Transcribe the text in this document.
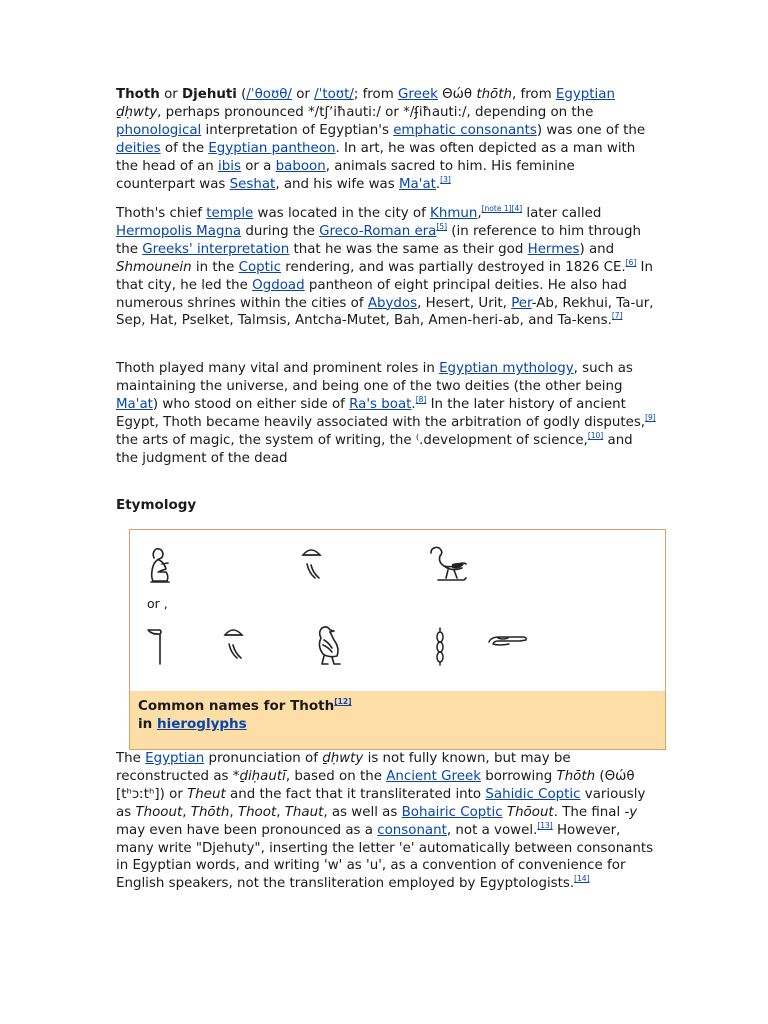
Thoth or Djehuti (/ˈθoʊθ/ or /ˈtoʊt/; from Greek Θώθ thōth, from Egyptian ḏḥwty, perhaps pronounced */tʃʼiħauti:/ or */ʄiħauti:/, depending on the phonological interpretation of Egyptian's emphatic consonants) was one of the deities of the Egyptian pantheon. In art, he was often depicted as a man with the head of an ibis or a baboon, animals sacred to him. His feminine counterpart was Seshat, and his wife was Ma'at.[3]

Thoth's chief temple was located in the city of Khmun,[note 1][4] later called Hermopolis Magna during the Greco-Roman era[5] (in reference to him through the Greeks' interpretation that he was the same as their god Hermes) and Shmounein in the Coptic rendering, and was partially destroyed in 1826 CE.[6] In that city, he led the Ogdoad pantheon of eight principal deities. He also had numerous shrines within the cities of Abydos, Hesert, Urit, Per-Ab, Rekhui, Ta-ur, Sep, Hat, Pselket, Talmsis, Antcha-Mutet, Bah, Amen-heri-ab, and Ta-kens.[7]

Thoth played many vital and prominent roles in Egyptian mythology, such as maintaining the universe, and being one of the two deities (the other being Ma'at) who stood on either side of Ra's boat.[8] In the later history of ancient Egypt, Thoth became heavily associated with the arbitration of godly disputes,[9] the arts of magic, the system of writing, the ⁽.development of science,[10] and the judgment of the dead

Etymology
or ,
Common names for Thoth[12]
in hieroglyphs

The Egyptian pronunciation of ḏḥwty is not fully known, but may be reconstructed as *ḏiḥautī, based on the Ancient Greek borrowing Thōth (Θώθ [tʰɔːtʰ]) or Theut and the fact that it transliterated into Sahidic Coptic variously as Thoout, Thōth, Thoot, Thaut, as well as Bohairic Coptic Thōout. The final -y may even have been pronounced as a consonant, not a vowel.[13] However, many write "Djehuty", inserting the letter 'e' automatically between consonants in Egyptian words, and writing 'w' as 'u', as a convention of convenience for English speakers, not the transliteration employed by Egyptologists.[14]
